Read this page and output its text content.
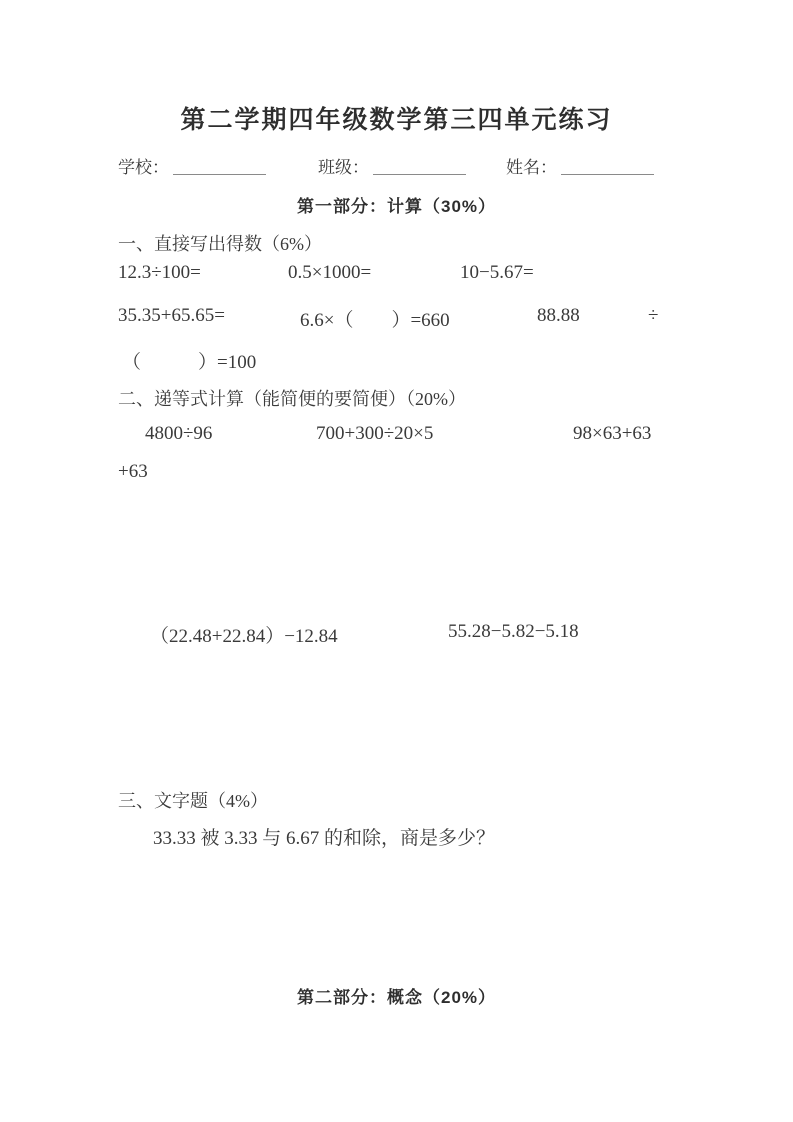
第二学期四年级数学第三四单元练习
学校：	班级：	姓名：
第一部分：计算（30%）
一、直接写出得数（6%）
12.3÷100=	0.5×1000=	10−5.67=
35.35+65.65=	6.6×（　　）=660	88.88	÷
（　　　）=100
二、递等式计算（能简便的要简便）（20%）
4800÷96	700+300÷20×5	98×63+63
+63
（22.48+22.84）−12.84	55.28−5.82−5.18
三、文字题（4%）
33.33 被 3.33 与 6.67 的和除，商是多少？
第二部分：概念（20%）
